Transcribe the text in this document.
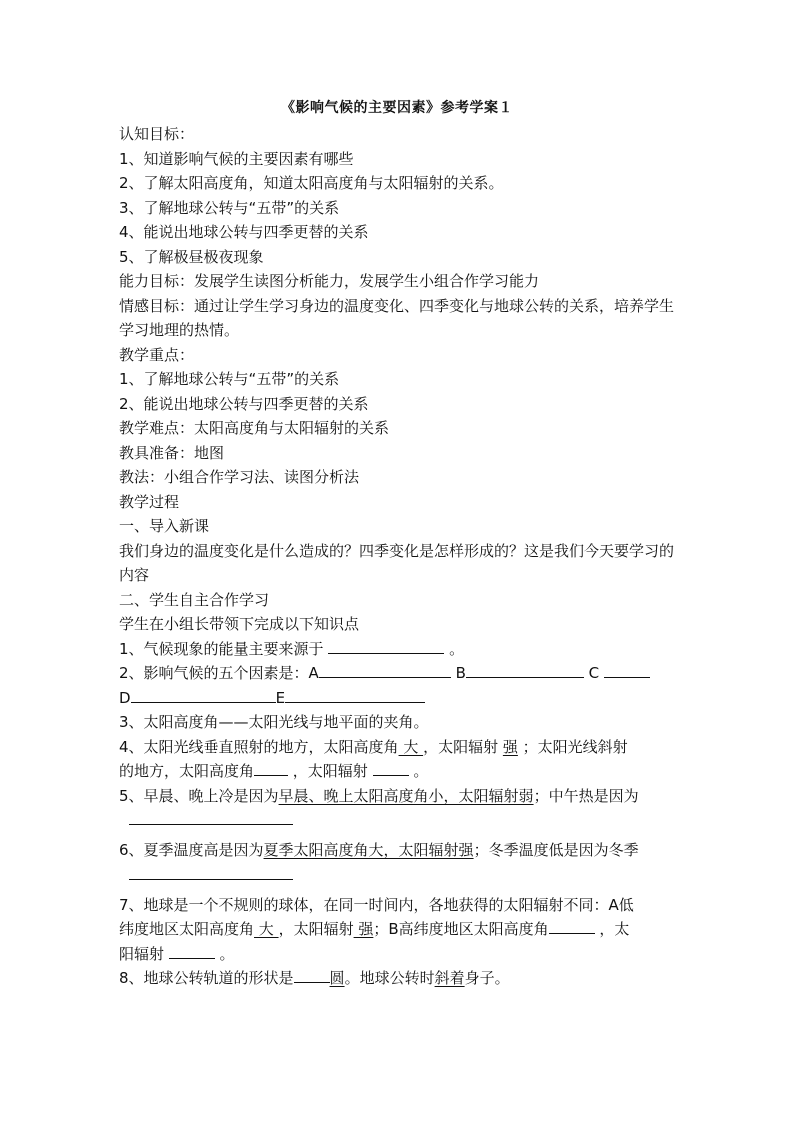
《影响气候的主要因素》参考学案１
认知目标：
1、知道影响气候的主要因素有哪些
2、了解太阳高度角，知道太阳高度角与太阳辐射的关系。
3、了解地球公转与“五带”的关系
4、能说出地球公转与四季更替的关系
5、了解极昼极夜现象
能力目标：发展学生读图分析能力，发展学生小组合作学习能力
情感目标：通过让学生学习身边的温度变化、四季变化与地球公转的关系，培养学生学习地理的热情。
教学重点：
1、了解地球公转与“五带”的关系
2、能说出地球公转与四季更替的关系
教学难点：太阳高度角与太阳辐射的关系
教具准备：地图
教法：小组合作学习法、读图分析法
教学过程
一、导入新课
我们身边的温度变化是什么造成的？四季变化是怎样形成的？这是我们今天要学习的内容
二、学生自主合作学习
学生在小组长带领下完成以下知识点
1、气候现象的能量主要来源于	。
2、影响气候的五个因素是：A	B	C
D	E
3、太阳高度角——太阳光线与地平面的夹角。
4、太阳光线垂直照射的地方，太阳高度角 大 ，太阳辐射 强 ；太阳光线斜射
的地方，太阳高度角 ，太阳辐射  。
5、早晨、晚上冷是因为早晨、晚上太阳高度角小，太阳辐射弱；中午热是因为
6、夏季温度高是因为夏季太阳高度角大，太阳辐射强；冬季温度低是因为冬季
7、地球是一个不规则的球体，在同一时间内，各地获得的太阳辐射不同：A低
纬度地区太阳高度角 大 ，太阳辐射 强；B高纬度地区太阳高度角	，太
阳辐射	。
8、地球公转轨道的形状是 圆。地球公转时斜着身子。
